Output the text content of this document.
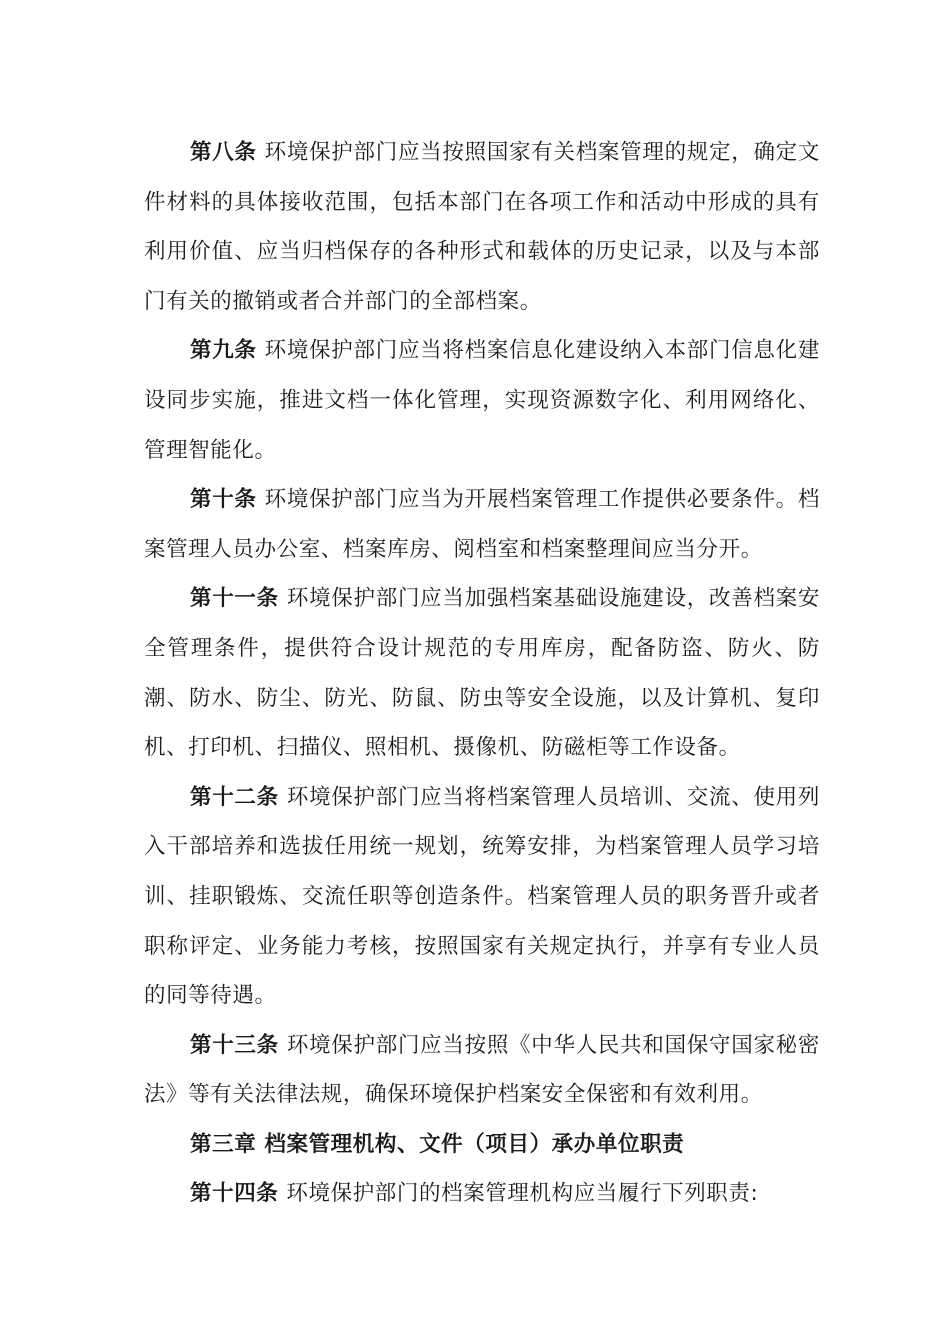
第八条 环境保护部门应当按照国家有关档案管理的规定，确定文件材料的具体接收范围，包括本部门在各项工作和活动中形成的具有利用价值、应当归档保存的各种形式和载体的历史记录，以及与本部门有关的撤销或者合并部门的全部档案。

第九条 环境保护部门应当将档案信息化建设纳入本部门信息化建设同步实施，推进文档一体化管理，实现资源数字化、利用网络化、管理智能化。

第十条 环境保护部门应当为开展档案管理工作提供必要条件。档案管理人员办公室、档案库房、阅档室和档案整理间应当分开。

第十一条 环境保护部门应当加强档案基础设施建设，改善档案安全管理条件，提供符合设计规范的专用库房，配备防盗、防火、防潮、防水、防尘、防光、防鼠、防虫等安全设施，以及计算机、复印机、打印机、扫描仪、照相机、摄像机、防磁柜等工作设备。

第十二条 环境保护部门应当将档案管理人员培训、交流、使用列入干部培养和选拔任用统一规划，统筹安排，为档案管理人员学习培训、挂职锻炼、交流任职等创造条件。档案管理人员的职务晋升或者职称评定、业务能力考核，按照国家有关规定执行，并享有专业人员的同等待遇。

第十三条 环境保护部门应当按照《中华人民共和国保守国家秘密法》等有关法律法规，确保环境保护档案安全保密和有效利用。

第三章 档案管理机构、文件（项目）承办单位职责

第十四条 环境保护部门的档案管理机构应当履行下列职责:
